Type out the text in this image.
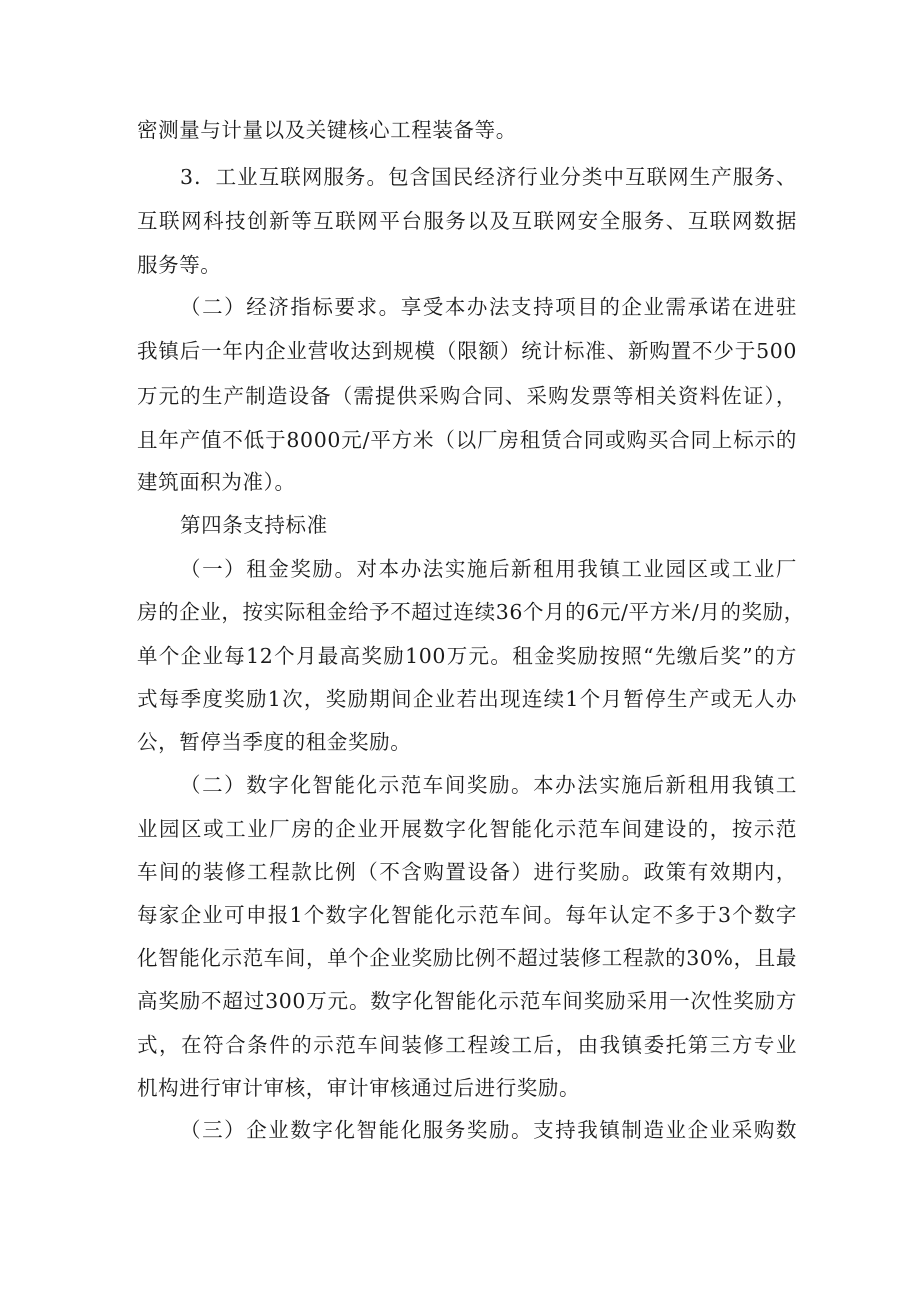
密测量与计量以及关键核心工程装备等。

3．工业互联网服务。包含国民经济行业分类中互联网生产服务、

互联网科技创新等互联网平台服务以及互联网安全服务、互联网数据

服务等。

（二）经济指标要求。享受本办法支持项目的企业需承诺在进驻

我镇后一年内企业营收达到规模（限额）统计标准、新购置不少于500

万元的生产制造设备（需提供采购合同、采购发票等相关资料佐证），

且年产值不低于8000元/平方米（以厂房租赁合同或购买合同上标示的

建筑面积为准）。

第四条支持标准

（一）租金奖励。对本办法实施后新租用我镇工业园区或工业厂

房的企业，按实际租金给予不超过连续36个月的6元/平方米/月的奖励，

单个企业每12个月最高奖励100万元。租金奖励按照“先缴后奖”的方

式每季度奖励1次，奖励期间企业若出现连续1个月暂停生产或无人办

公，暂停当季度的租金奖励。

（二）数字化智能化示范车间奖励。本办法实施后新租用我镇工

业园区或工业厂房的企业开展数字化智能化示范车间建设的，按示范

车间的装修工程款比例（不含购置设备）进行奖励。政策有效期内，

每家企业可申报1个数字化智能化示范车间。每年认定不多于3个数字

化智能化示范车间，单个企业奖励比例不超过装修工程款的30%，且最

高奖励不超过300万元。数字化智能化示范车间奖励采用一次性奖励方

式，在符合条件的示范车间装修工程竣工后，由我镇委托第三方专业

机构进行审计审核，审计审核通过后进行奖励。

（三）企业数字化智能化服务奖励。支持我镇制造业企业采购数
